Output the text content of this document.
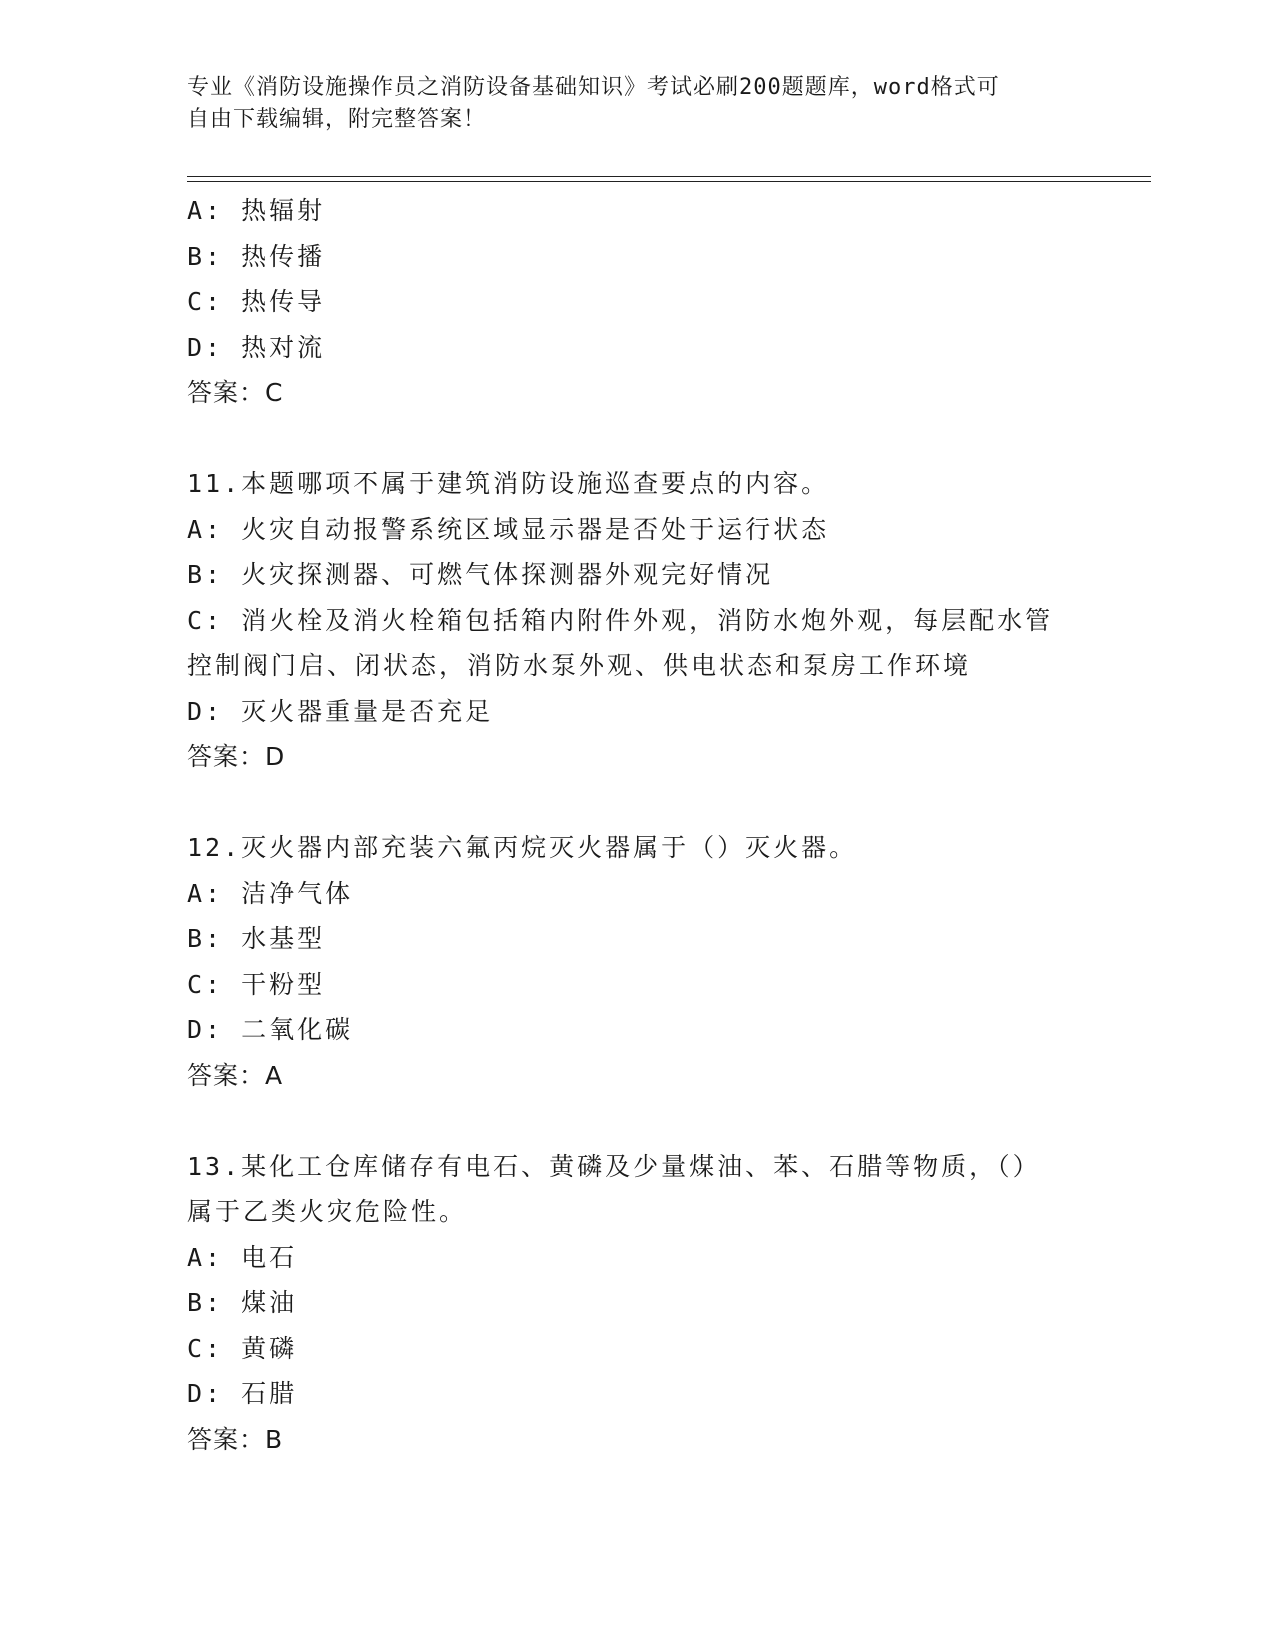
专业《消防设施操作员之消防设备基础知识》考试必刷200题题库，word格式可
自由下载编辑，附完整答案！
A: 热辐射
B: 热传播
C: 热传导
D: 热对流
答案：C
11.本题哪项不属于建筑消防设施巡查要点的内容。
A: 火灾自动报警系统区域显示器是否处于运行状态
B: 火灾探测器、可燃气体探测器外观完好情况
C: 消火栓及消火栓箱包括箱内附件外观，消防水炮外观，每层配水管
控制阀门启、闭状态，消防水泵外观、供电状态和泵房工作环境
D: 灭火器重量是否充足
答案：D
12.灭火器内部充装六氟丙烷灭火器属于（）灭火器。
A: 洁净气体
B: 水基型
C: 干粉型
D: 二氧化碳
答案：A
13.某化工仓库储存有电石、黄磷及少量煤油、苯、石腊等物质，（）
属于乙类火灾危险性。
A: 电石
B: 煤油
C: 黄磷
D: 石腊
答案：B
